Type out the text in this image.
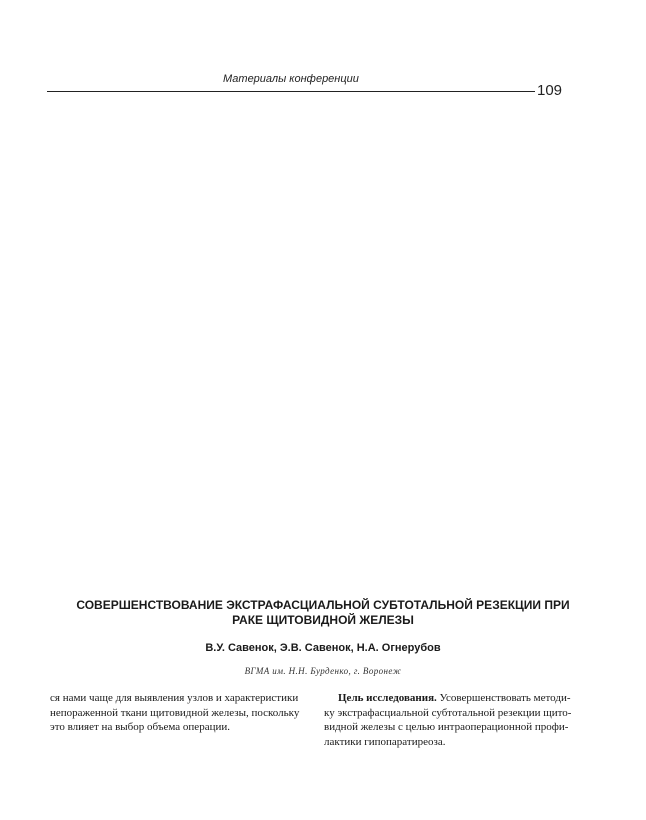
Материалы конференции
109
СОВЕРШЕНСТВОВАНИЕ ЭКСТРАФАСЦИАЛЬНОЙ СУБТОТАЛЬНОЙ РЕЗЕКЦИИ ПРИ
РАКЕ ЩИТОВИДНОЙ ЖЕЛЕЗЫ
В.У. Савенок, Э.В. Савенок, Н.А. Огнерубов
ВГМА им. Н.Н. Бурденко, г. Воронеж
ся нами чаще для выявления узлов и характеристики
непораженной ткани щитовидной железы, поскольку
это влияет на выбор объема операции.
Цель исследования. Усовершенствовать методи-
ку экстрафасциальной субтотальной резекции щито-
видной железы с целью интраоперационной профи-
лактики гипопаратиреоза.
